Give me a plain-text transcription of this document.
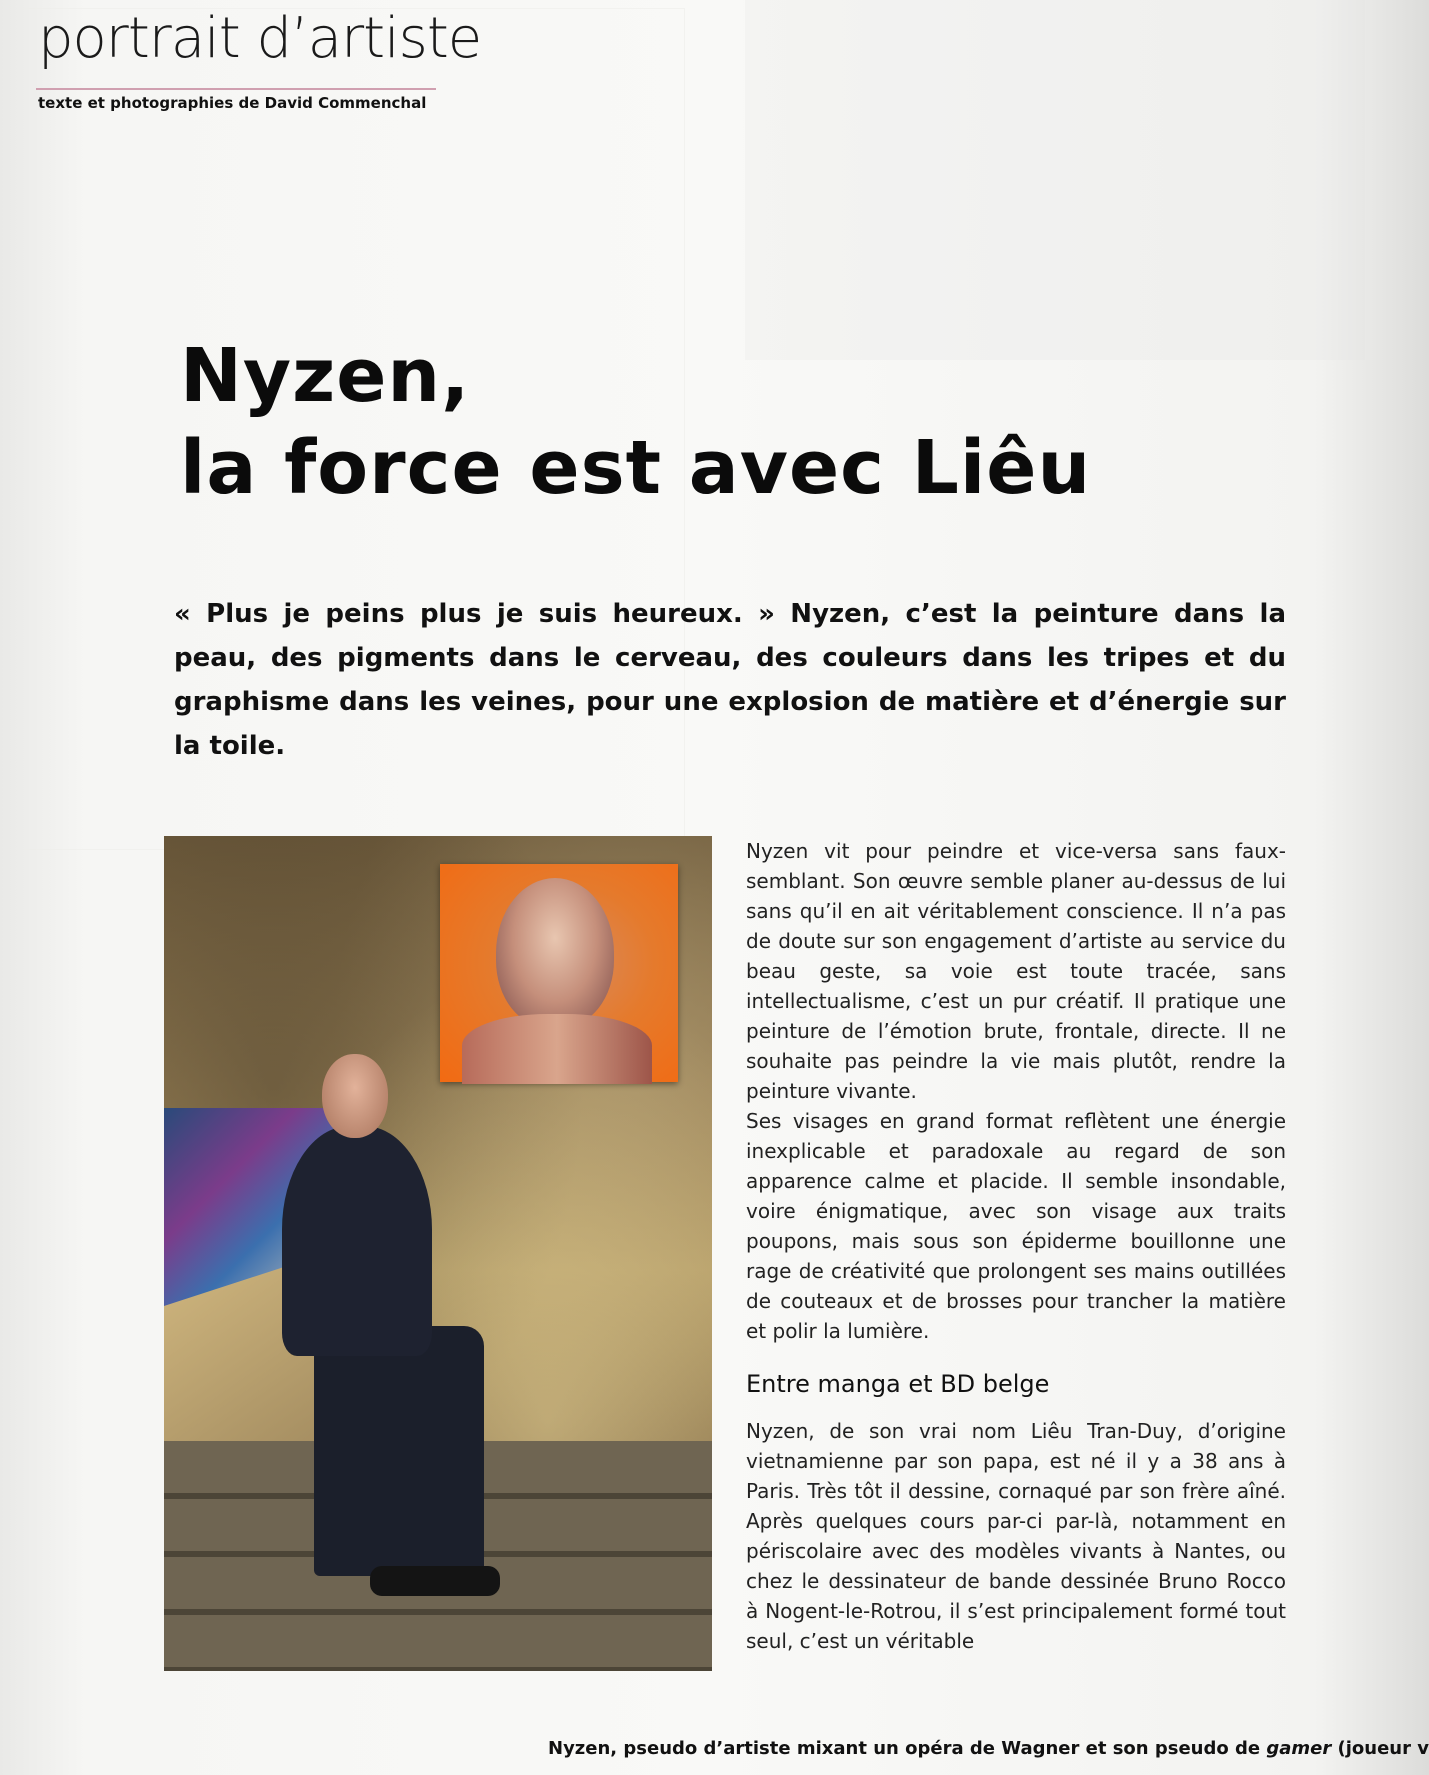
portrait d’artiste
texte et photographies de David Commenchal
Nyzen,
la force est avec Liêu

« Plus je peins plus je suis heureux. » Nyzen, c’est la peinture dans la peau, des pigments dans le cerveau, des couleurs dans les tripes et du graphisme dans les veines, pour une explosion de matière et d’énergie sur la toile.

Nyzen vit pour peindre et vice-versa sans faux-semblant. Son œuvre semble planer au-dessus de lui sans qu’il en ait véritablement conscience. Il n’a pas de doute sur son engagement d’artiste au service du beau geste, sa voie est toute tracée, sans intellectualisme, c’est un pur créatif. Il pratique une peinture de l’émotion brute, frontale, directe. Il ne souhaite pas peindre la vie mais plutôt, rendre la peinture vivante.

Ses visages en grand format reflètent une énergie inexplicable et paradoxale au regard de son apparence calme et placide. Il semble insondable, voire énigmatique, avec son visage aux traits poupons, mais sous son épiderme bouillonne une rage de créativité que prolongent ses mains outillées de couteaux et de brosses pour trancher la matière et polir la lumière.

Entre manga et BD belge

Nyzen, de son vrai nom Liêu Tran-Duy, d’origine vietnamienne par son papa, est né il y a 38 ans à Paris. Très tôt il dessine, cornaqué par son frère aîné. Après quelques cours par-ci par-là, notamment en périscolaire avec des modèles vivants à Nantes, ou chez le dessinateur de bande dessinée Bruno Rocco à Nogent-le-Rotrou, il s’est principalement formé tout seul, c’est un véritable

Nyzen, pseudo d’artiste mixant un opéra de Wagner et son pseudo de gamer (joueur v
